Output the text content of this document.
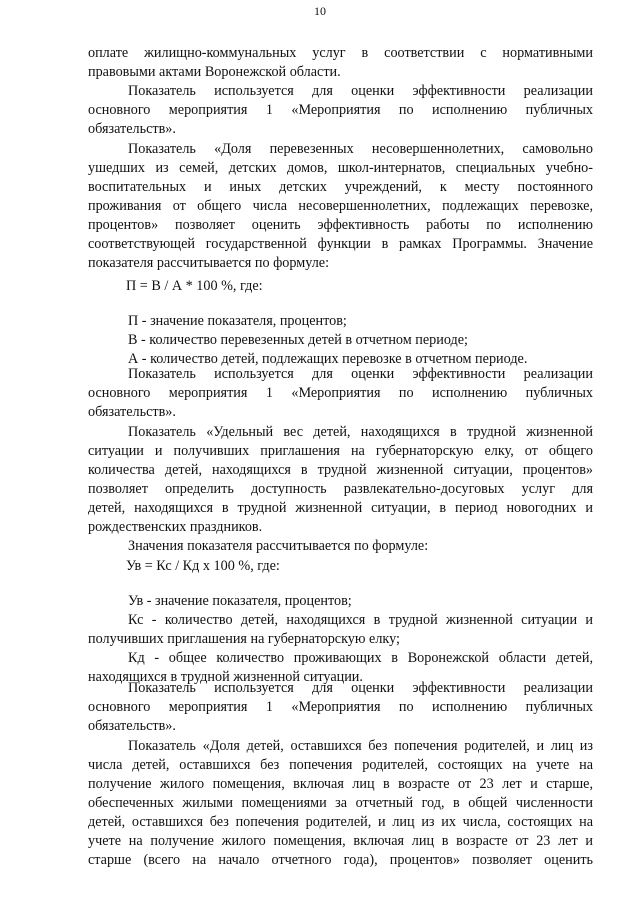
10
оплате жилищно-коммунальных услуг в соответствии с нормативными
правовыми актами Воронежской области.
Показатель используется для оценки эффективности реализации
основного мероприятия 1 «Мероприятия по исполнению публичных
обязательств».
Показатель «Доля перевезенных несовершеннолетних, самовольно
ушедших из семей, детских домов, школ-интернатов, специальных учебно-
воспитательных и иных детских учреждений, к месту постоянного
проживания от общего числа несовершеннолетних, подлежащих перевозке,
процентов» позволяет оценить эффективность работы по исполнению
соответствующей государственной функции в рамках Программы. Значение
показателя рассчитывается по формуле:
П = В / А * 100 %, где:
П - значение показателя, процентов;
В - количество перевезенных детей в отчетном периоде;
А - количество детей, подлежащих перевозке в отчетном периоде.
Показатель используется для оценки эффективности реализации
основного мероприятия 1 «Мероприятия по исполнению публичных
обязательств».
Показатель «Удельный вес детей, находящихся в трудной жизненной
ситуации и получивших приглашения на губернаторскую елку, от общего
количества детей, находящихся в трудной жизненной ситуации, процентов»
позволяет определить доступность развлекательно-досуговых услуг для
детей, находящихся в трудной жизненной ситуации, в период новогодних и
рождественских праздников.
Значения показателя рассчитывается по формуле:
Ув = Кс / Кд х 100 %, где:
Ув - значение показателя, процентов;
Кс - количество детей, находящихся в трудной жизненной ситуации и
получивших приглашения на губернаторскую елку;
Кд - общее количество проживающих в Воронежской области детей,
находящихся в трудной жизненной ситуации.
Показатель используется для оценки эффективности реализации
основного мероприятия 1 «Мероприятия по исполнению публичных
обязательств».
Показатель «Доля детей, оставшихся без попечения родителей, и лиц из
числа детей, оставшихся без попечения родителей, состоящих на учете на
получение жилого помещения, включая лиц в возрасте от 23 лет и старше,
обеспеченных жилыми помещениями за отчетный год, в общей численности
детей, оставшихся без попечения родителей, и лиц из их числа, состоящих на
учете на получение жилого помещения, включая лиц в возрасте от 23 лет и
старше (всего на начало отчетного года), процентов» позволяет оценить
